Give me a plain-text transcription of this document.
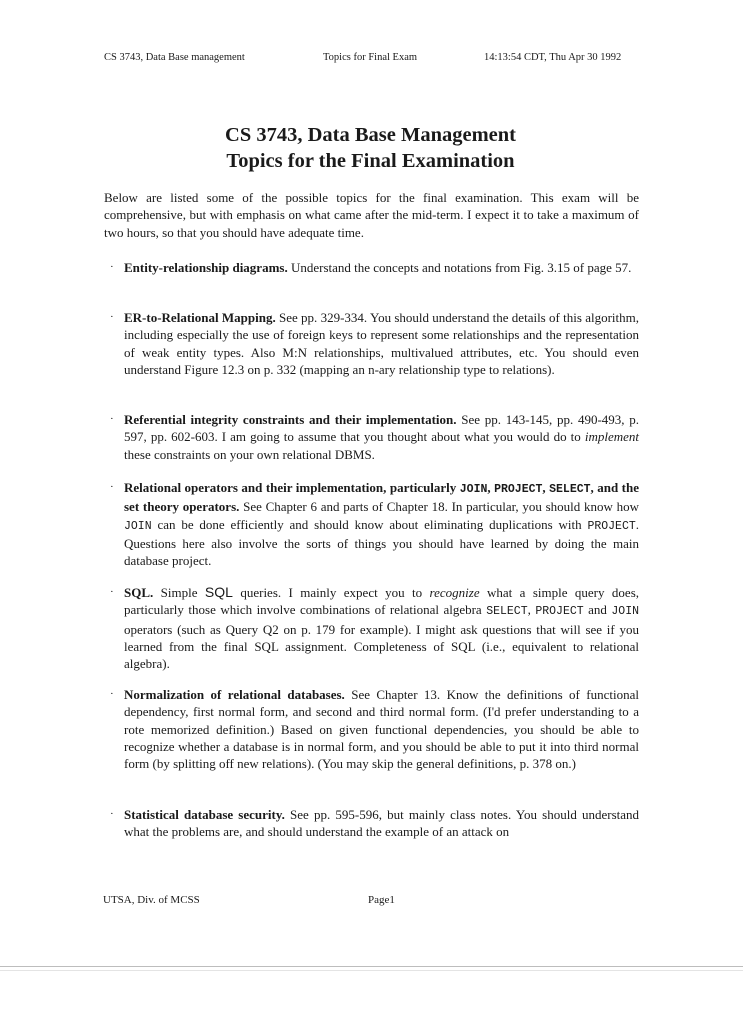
CS 3743, Data Base management	Topics for Final Exam	14:13:54 CDT, Thu Apr 30 1992
CS 3743, Data Base Management
Topics for the Final Examination
Below are listed some of the possible topics for the final examination. This exam will be comprehensive, but with emphasis on what came after the mid-term. I expect it to take a maximum of two hours, so that you should have adequate time.
· Entity-relationship diagrams. Understand the concepts and notations from Fig. 3.15 of page 57.
· ER-to-Relational Mapping. See pp. 329-334. You should understand the details of this algorithm, including especially the use of foreign keys to represent some relationships and the representation of weak entity types. Also M:N relationships, multivalued attributes, etc. You should even understand Figure 12.3 on p. 332 (mapping an n-ary relationship type to relations).
· Referential integrity constraints and their implementation. See pp. 143-145, pp. 490-493, p. 597, pp. 602-603. I am going to assume that you thought about what you would do to implement these constraints on your own relational DBMS.
· Relational operators and their implementation, particularly JOIN, PROJECT, SELECT, and the set theory operators. See Chapter 6 and parts of Chapter 18. In particular, you should know how JOIN can be done efficiently and should know about eliminating duplications with PROJECT. Questions here also involve the sorts of things you should have learned by doing the main database project.
· SQL. Simple SQL queries. I mainly expect you to recognize what a simple query does, particularly those which involve combinations of relational algebra SELECT, PROJECT and JOIN operators (such as Query Q2 on p. 179 for example). I might ask questions that will see if you learned from the final SQL assignment. Completeness of SQL (i.e., equivalent to relational algebra).
· Normalization of relational databases. See Chapter 13. Know the definitions of functional dependency, first normal form, and second and third normal form. (I'd prefer understanding to a rote memorized definition.) Based on given functional dependencies, you should be able to recognize whether a database is in normal form, and you should be able to put it into third normal form (by splitting off new relations). (You may skip the general definitions, p. 378 on.)
· Statistical database security. See pp. 595-596, but mainly class notes. You should understand what the problems are, and should understand the example of an attack on
UTSA, Div. of MCSS	Page1
